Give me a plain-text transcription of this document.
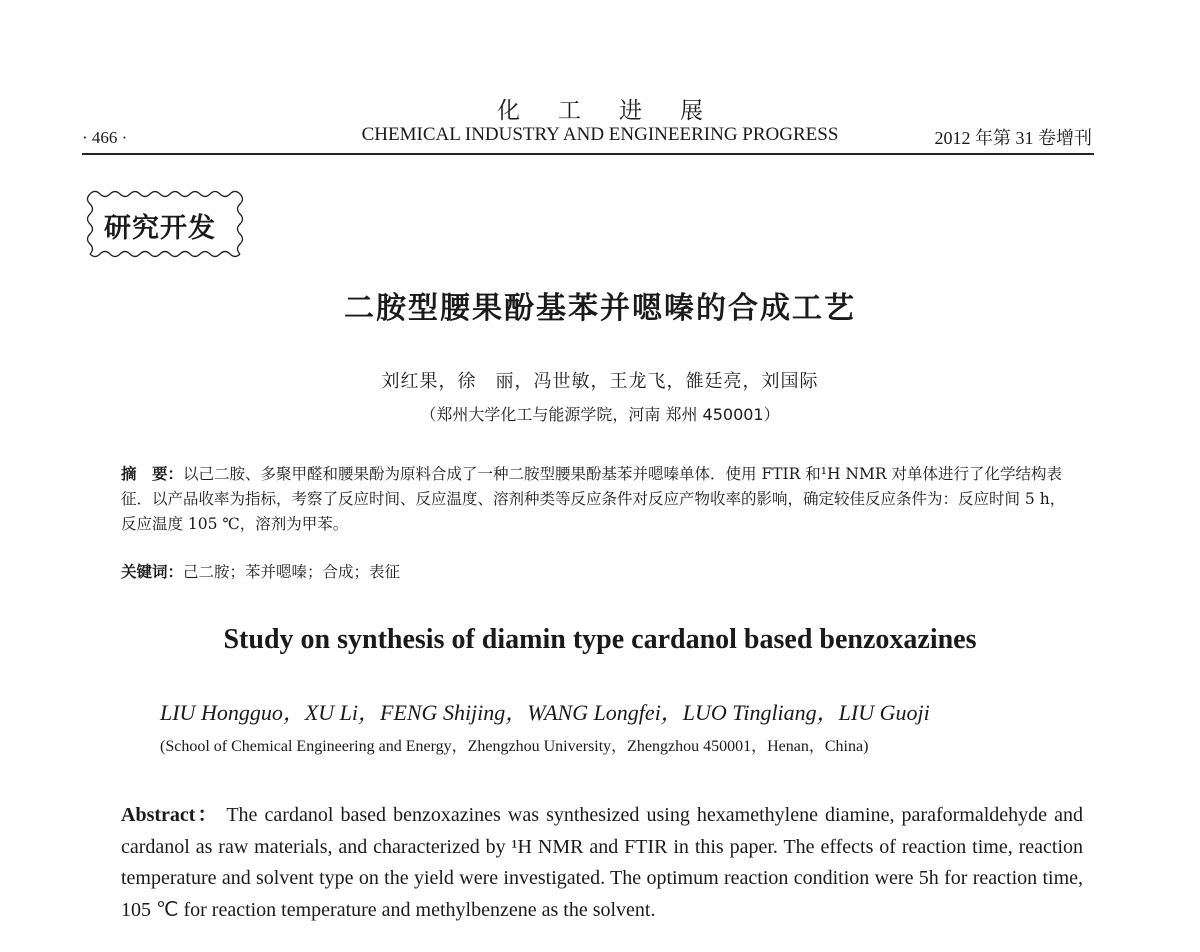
化工进展
CHEMICAL INDUSTRY AND ENGINEERING PROGRESS
· 466 ·	2012 年第 31 卷增刊
研究开发
二胺型腰果酚基苯并嗯嗪的合成工艺
刘红果，徐　丽，冯世敏，王龙飞，雒廷亮，刘国际
（郑州大学化工与能源学院，河南 郑州 450001）
摘　要：以己二胺、多聚甲醛和腰果酚为原料合成了一种二胺型腰果酚基苯并嗯嗪单体．使用 FTIR 和¹H NMR 对单体进行了化学结构表征．以产品收率为指标，考察了反应时间、反应温度、溶剂种类等反应条件对反应产物收率的影响，确定较佳反应条件为：反应时间 5 h，反应温度 105 ℃，溶剂为甲苯。
关键词：己二胺；苯并嗯嗪；合成；表征
Study on synthesis of diamin type cardanol based benzoxazines
LIU Hongguo，XU Li，FENG Shijing，WANG Longfei，LUO Tingliang，LIU Guoji
(School of Chemical Engineering and Energy，Zhengzhou University，Zhengzhou 450001，Henan，China)
Abstract： The cardanol based benzoxazines was synthesized using hexamethylene diamine, paraformaldehyde and cardanol as raw materials, and characterized by ¹H NMR and FTIR in this paper. The effects of reaction time, reaction temperature and solvent type on the yield were investigated. The optimum reaction condition were 5h for reaction time, 105 ℃ for reaction temperature and methylbenzene as the solvent.
